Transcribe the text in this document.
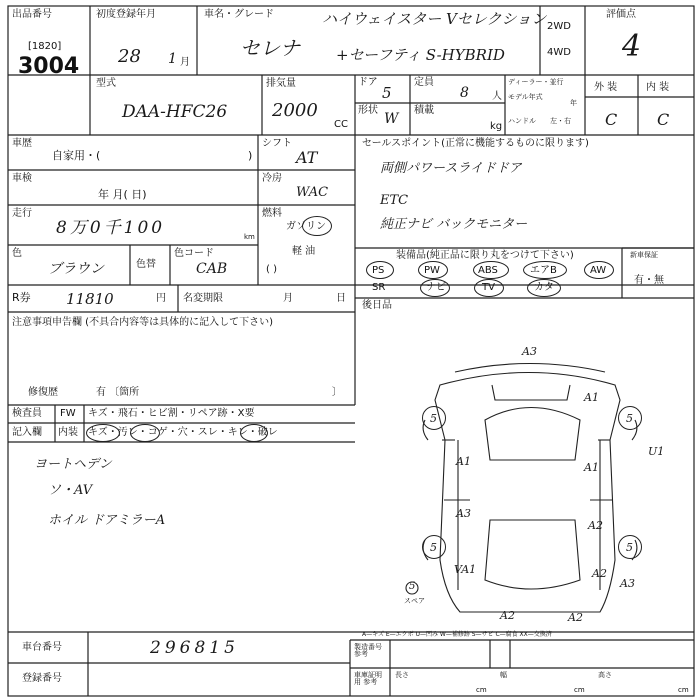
出品番号
[1820]
3004
初度登録年月
28 1 月
車名・グレード
セレナ
ハイウェイスター Vセレクション
+セーフティ S-HYBRID
2WD
4WD
評価点
4
型式
DAA-HFC26
排気量
2000
CC
ドア
5
定員
8 人
形状
W
積載
kg
ディーラー・並行
モデル年式
年
ハンドル 左・右
外 装	内 装
C C
車歴
自家用・(	)
シフト
AT
車検
年 月( 日)
冷房
WAC
走行
8万0千100	km
燃料
ガソリン
軽 油
( )
色
ブラウン	色替
色コード
CAB
R券 11810	円 名変期限	月	日
注意事項申告欄 (不具合内容等は具体的に記入して下さい)
修復歴	有 〔箇所	〕
検査員
記入欄
FW キズ・飛石・ヒビ割・リペア跡・X要
内装 キズ・汚レ・コゲ・穴・スレ・キレ・破レ
ヨートヘデン
ソ・AV
ホイル ドアミラーA
セールスポイント(正常に機能するものに限ります)
両側パワースライドドア
ETC
純正ナビ バックモニター
装備品(純正品に限り丸をつけて下さい)
PS	PW	ABS	エアB	AW
SR	ナビ	TV	カタ
新車保証
有・無
後日品
A3
A1
U1
A1	A1
A3
A2
A2
VA1
A2	A2
A3
5	5
5	5
5
スペア
A—キズ E—エクボ U—凹み W—補修跡 S—サビ C—腐食 XX—交換済
車台番号	296815
登録番号
製造番号 参考
車庫証明用 参考
長さ
cm
幅
cm
高さ
cm
